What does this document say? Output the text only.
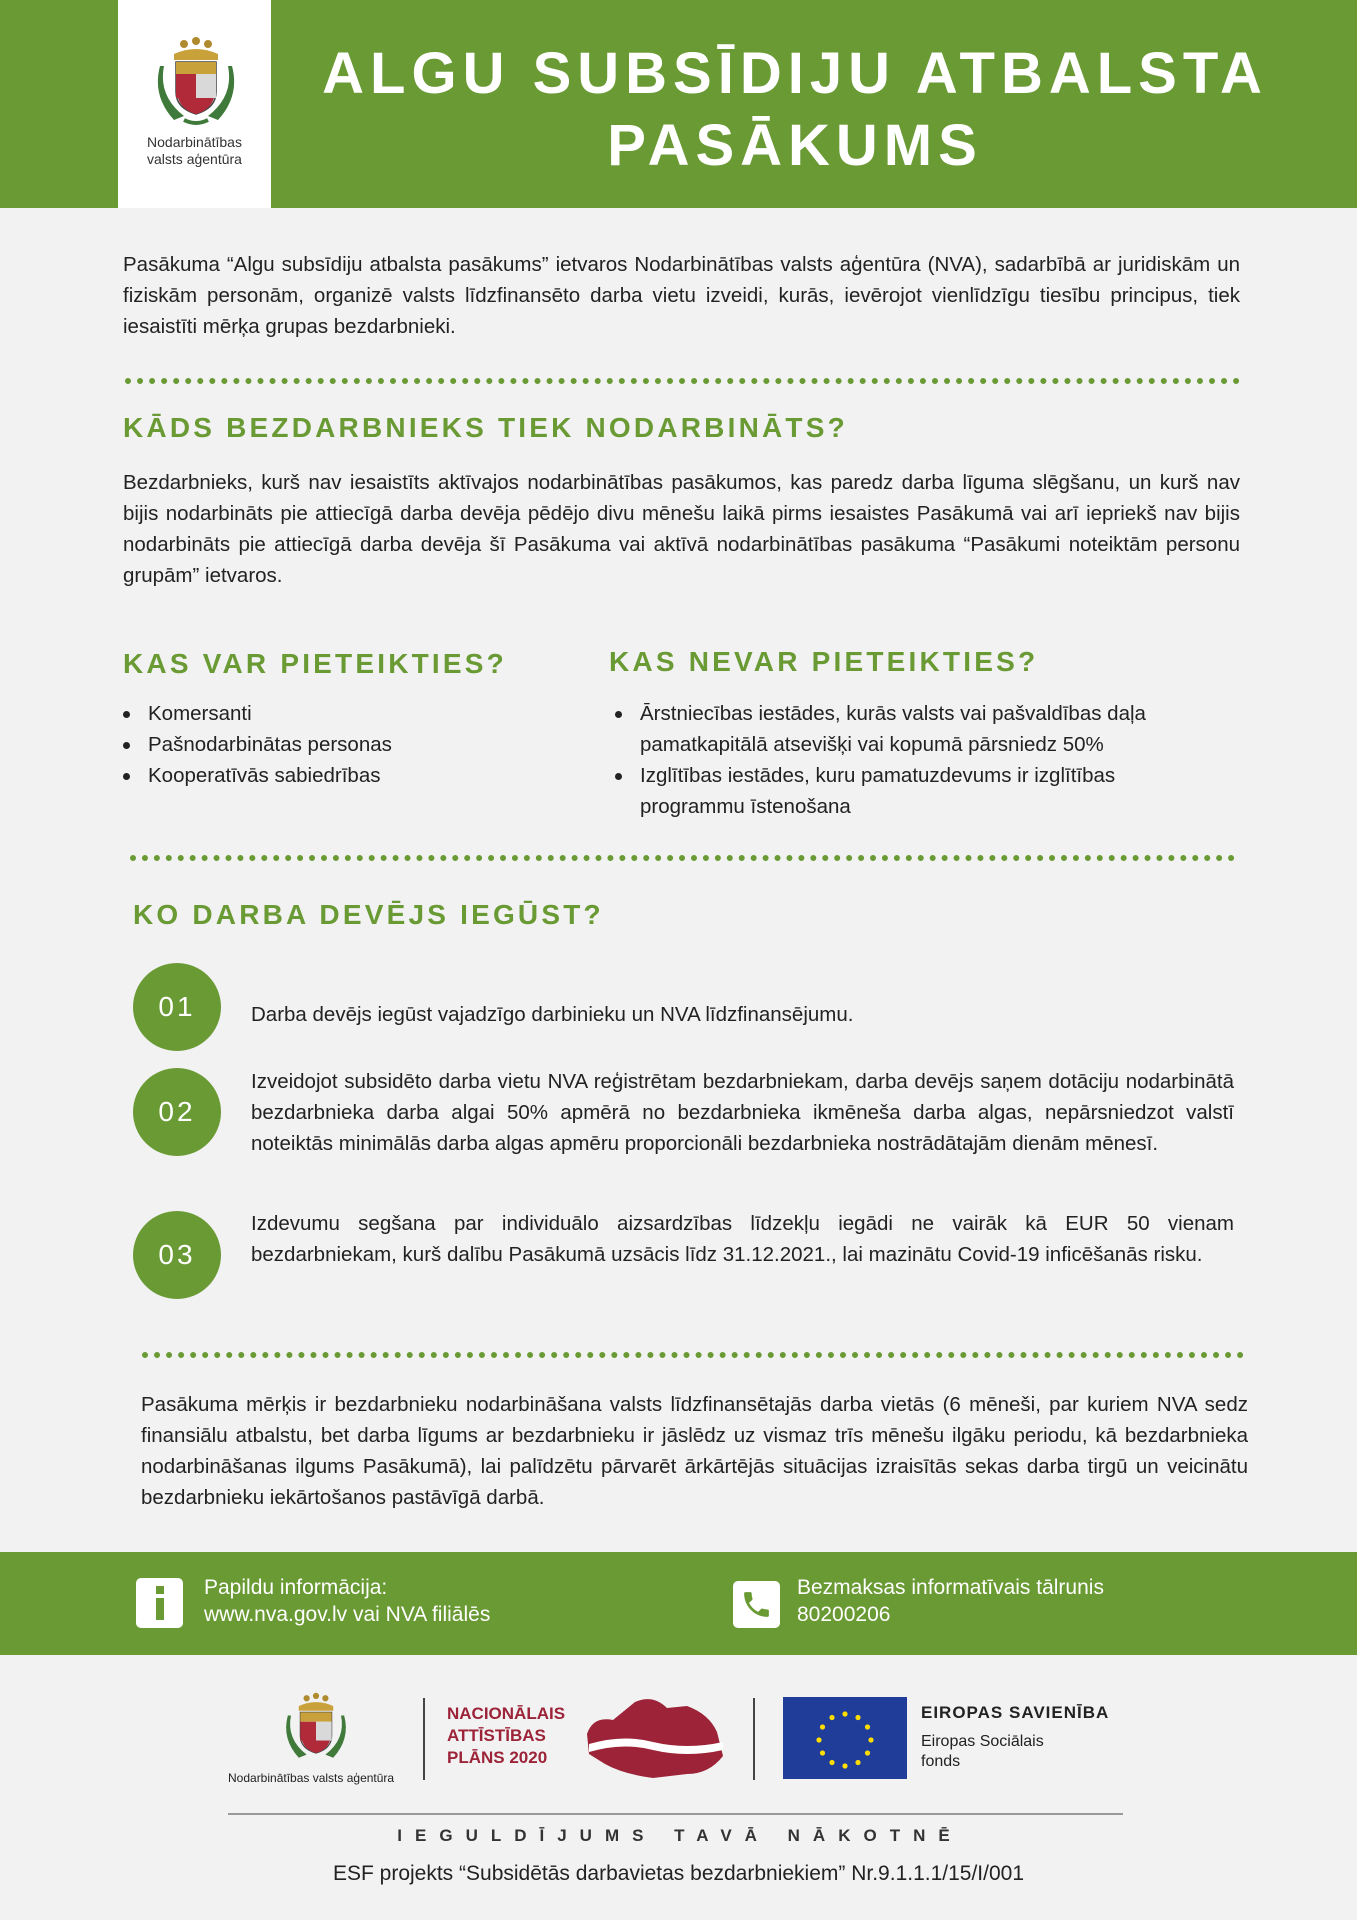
Nodarbinātības
valsts aģentūra
ALGU SUBSĪDIJU ATBALSTA
PASĀKUMS

Pasākuma “Algu subsīdiju atbalsta pasākums” ietvaros Nodarbinātības valsts aģentūra (NVA), sadarbībā ar juridiskām un fiziskām personām, organizē valsts līdzfinansēto darba vietu izveidi, kurās, ievērojot vienlīdzīgu tiesību principus, tiek iesaistīti mērķa grupas bezdarbnieki.

KĀDS BEZDARBNIEKS TIEK NODARBINĀTS?

Bezdarbnieks, kurš nav iesaistīts aktīvajos nodarbinātības pasākumos, kas paredz darba līguma slēgšanu, un kurš nav bijis nodarbināts pie attiecīgā darba devēja pēdējo divu mēnešu laikā pirms iesaistes Pasākumā vai arī iepriekš nav bijis nodarbināts pie attiecīgā darba devēja šī Pasākuma vai aktīvā nodarbinātības pasākuma “Pasākumi noteiktām personu grupām” ietvaros.

KAS VAR PIETEIKTIES?
Komersanti
Pašnodarbinātas personas
Kooperatīvās sabiedrības
KAS NEVAR PIETEIKTIES?
Ārstniecības iestādes, kurās valsts vai pašvaldības daļa
pamatkapitālā atsevišķi vai kopumā pārsniedz 50%
Izglītības iestādes, kuru pamatuzdevums ir izglītības
programmu īstenošana
KO DARBA DEVĒJS IEGŪST?
01	Darba devējs iegūst vajadzīgo darbinieku un NVA līdzfinansējumu.

02

Izveidojot subsidēto darba vietu NVA reģistrētam bezdarbniekam, darba devējs saņem dotāciju nodarbinātā bezdarbnieka darba algai 50% apmērā no bezdarbnieka ikmēneša darba algas, nepārsniedzot valstī noteiktās minimālās darba algas apmēru proporcionāli bezdarbnieka nostrādātajām dienām mēnesī.

03

Izdevumu segšana par individuālo aizsardzības līdzekļu iegādi ne vairāk kā EUR 50 vienam bezdarbniekam, kurš dalību Pasākumā uzsācis līdz 31.12.2021., lai mazinātu Covid-19 inficēšanās risku.

Pasākuma mērķis ir bezdarbnieku nodarbināšana valsts līdzfinansētajās darba vietās (6 mēneši, par kuriem NVA sedz finansiālu atbalstu, bet darba līgums ar bezdarbnieku ir jāslēdz uz vismaz trīs mēnešu ilgāku periodu, kā bezdarbnieka nodarbināšanas ilgums Pasākumā), lai palīdzētu pārvarēt ārkārtējās situācijas izraisītās sekas darba tirgū un veicinātu bezdarbnieku iekārtošanos pastāvīgā darbā.

Papildu informācija:
www.nva.gov.lv vai NVA filiālēs
Bezmaksas informatīvais tālrunis
80200206
Nodarbinātības valsts aģentūra
NACIONĀLAIS
ATTĪSTĪBAS
PLĀNS 2020
EIROPAS SAVIENĪBA
Eiropas Sociālais
fonds
IEGULDĪJUMS TAVĀ NĀKOTNĒ
ESF projekts “Subsidētās darbavietas bezdarbniekiem” Nr.9.1.1.1/15/I/001
